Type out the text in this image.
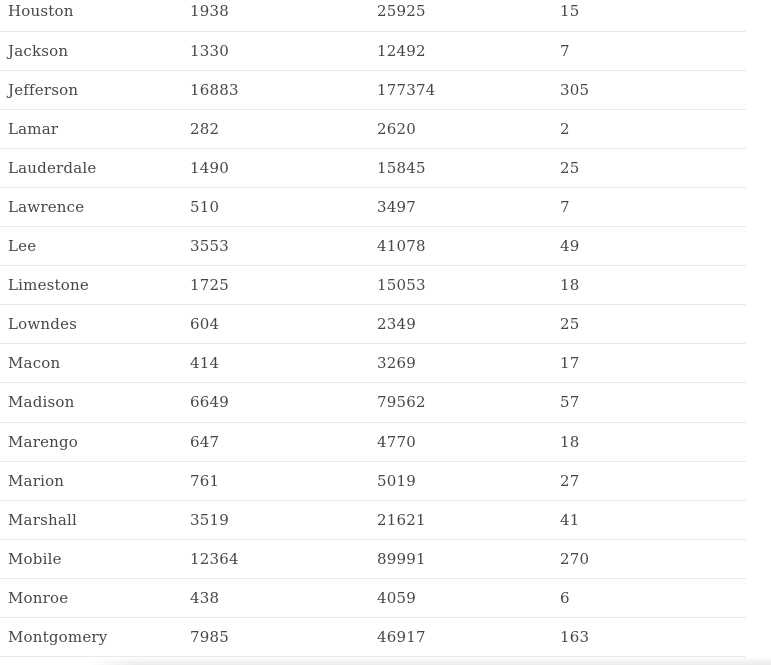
Houston	1938	25925	15
Jackson	1330	12492	7
Jefferson	16883	177374	305
Lamar	282	2620	2
Lauderdale	1490	15845	25
Lawrence	510	3497	7
Lee	3553	41078	49
Limestone	1725	15053	18
Lowndes	604	2349	25
Macon	414	3269	17
Madison	6649	79562	57
Marengo	647	4770	18
Marion	761	5019	27
Marshall	3519	21621	41
Mobile	12364	89991	270
Monroe	438	4059	6
Montgomery	7985	46917	163
